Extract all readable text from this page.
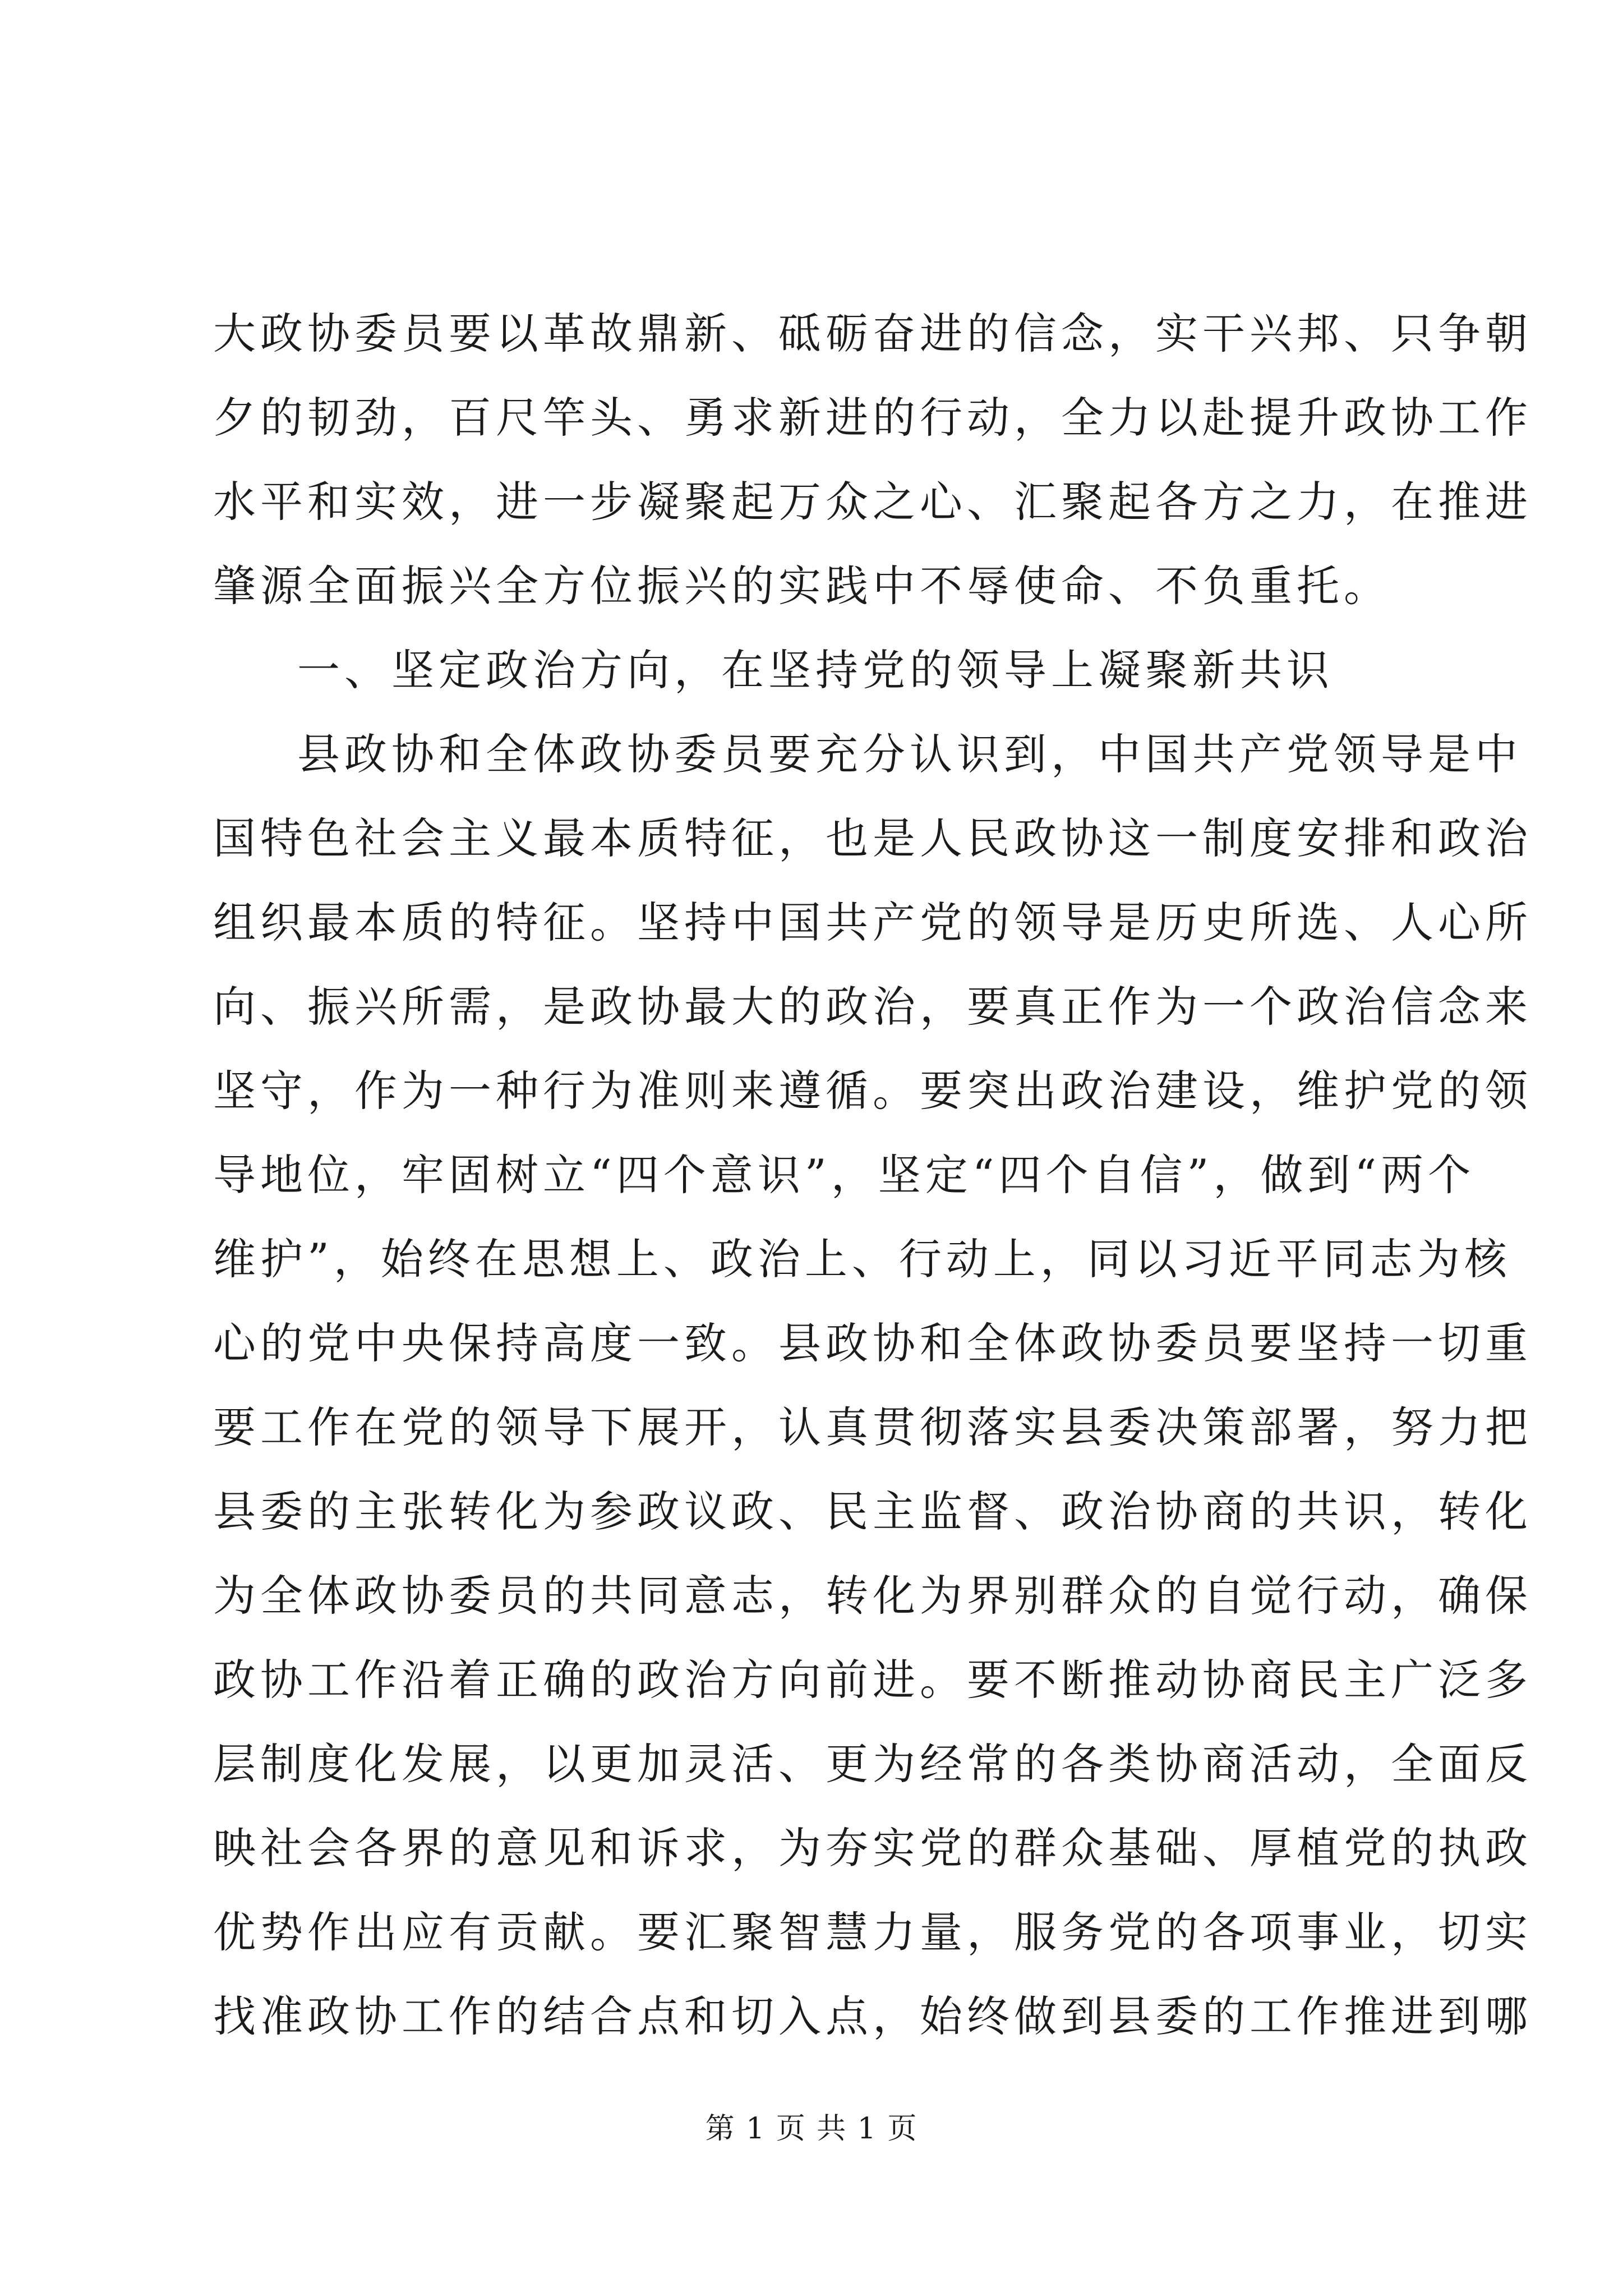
大政协委员要以革故鼎新、砥砺奋进的信念，实干兴邦、只争朝
夕的韧劲，百尺竿头、勇求新进的行动，全力以赴提升政协工作
水平和实效，进一步凝聚起万众之心、汇聚起各方之力，在推进
肇源全面振兴全方位振兴的实践中不辱使命、不负重托。
一、坚定政治方向，在坚持党的领导上凝聚新共识
县政协和全体政协委员要充分认识到，中国共产党领导是中
国特色社会主义最本质特征，也是人民政协这一制度安排和政治
组织最本质的特征。坚持中国共产党的领导是历史所选、人心所
向、振兴所需，是政协最大的政治，要真正作为一个政治信念来
坚守，作为一种行为准则来遵循。要突出政治建设，维护党的领
导地位，牢固树立“四个意识”，坚定“四个自信”，做到“两个
维护”，始终在思想上、政治上、行动上，同以习近平同志为核
心的党中央保持高度一致。县政协和全体政协委员要坚持一切重
要工作在党的领导下展开，认真贯彻落实县委决策部署，努力把
县委的主张转化为参政议政、民主监督、政治协商的共识，转化
为全体政协委员的共同意志，转化为界别群众的自觉行动，确保
政协工作沿着正确的政治方向前进。要不断推动协商民主广泛多
层制度化发展，以更加灵活、更为经常的各类协商活动，全面反
映社会各界的意见和诉求，为夯实党的群众基础、厚植党的执政
优势作出应有贡献。要汇聚智慧力量，服务党的各项事业，切实
找准政协工作的结合点和切入点，始终做到县委的工作推进到哪
第 1 页 共 1 页
